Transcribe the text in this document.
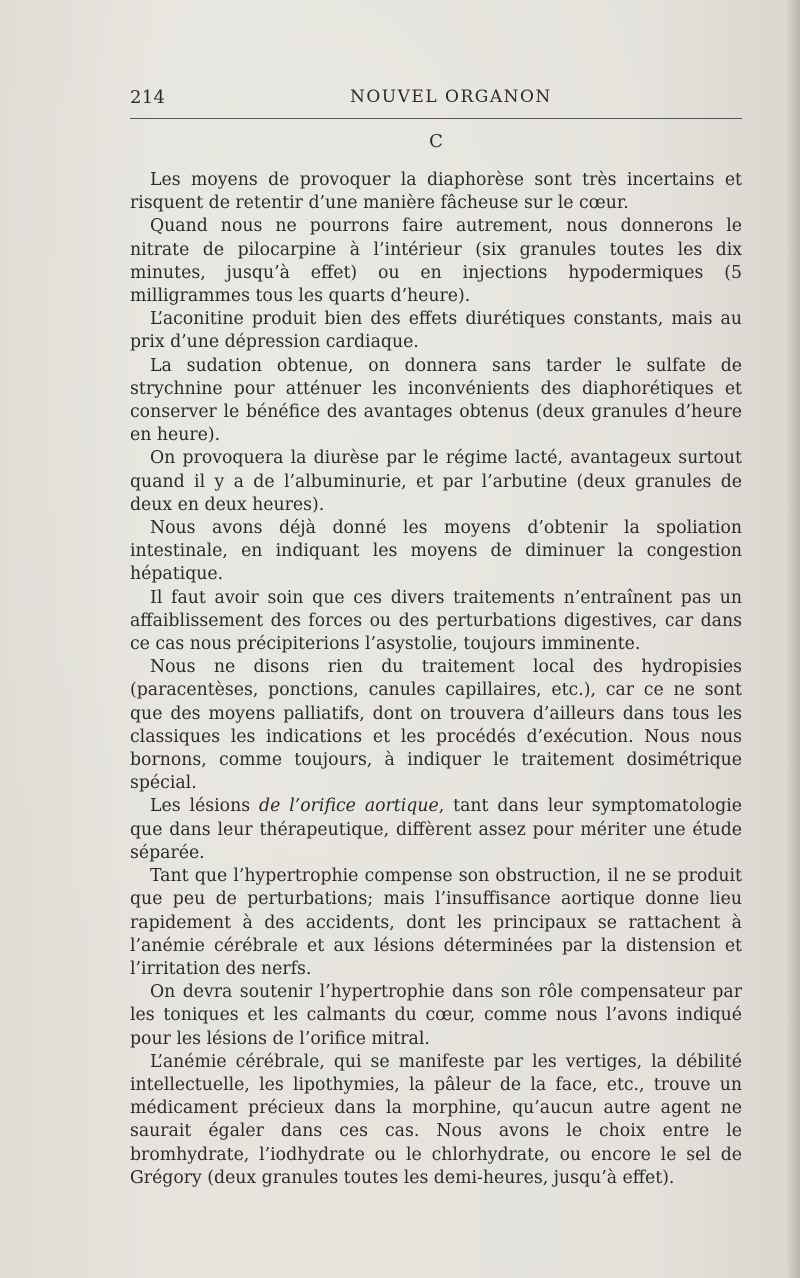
214	NOUVEL ORGANON
C

Les moyens de provoquer la diaphorèse sont très incertains et risquent de retentir d’une manière fâcheuse sur le cœur.

Quand nous ne pourrons faire autrement, nous donnerons le nitrate de pilocarpine à l’intérieur (six granules toutes les dix minutes, jusqu’à effet) ou en injections hypodermiques (5 milligrammes tous les quarts d’heure).

L’aconitine produit bien des effets diurétiques constants, mais au prix d’une dépression cardiaque.

La sudation obtenue, on donnera sans tarder le sulfate de strychnine pour atténuer les inconvénients des diaphorétiques et conserver le bénéfice des avantages obtenus (deux granules d’heure en heure).

On provoquera la diurèse par le régime lacté, avantageux surtout quand il y a de l’albuminurie, et par l’arbutine (deux granules de deux en deux heures).

Nous avons déjà donné les moyens d’obtenir la spoliation intestinale, en indiquant les moyens de diminuer la congestion hépatique.

Il faut avoir soin que ces divers traitements n’entraînent pas un affaiblissement des forces ou des perturbations digestives, car dans ce cas nous précipiterions l’asystolie, toujours imminente.

Nous ne disons rien du traitement local des hydropisies (paracentèses, ponctions, canules capillaires, etc.), car ce ne sont que des moyens palliatifs, dont on trouvera d’ailleurs dans tous les classiques les indications et les procédés d’exécution. Nous nous bornons, comme toujours, à indiquer le traitement dosimétrique spécial.

Les lésions de l’orifice aortique, tant dans leur symptomatologie que dans leur thérapeutique, diffèrent assez pour mériter une étude séparée.

Tant que l’hypertrophie compense son obstruction, il ne se produit que peu de perturbations; mais l’insuffisance aortique donne lieu rapidement à des accidents, dont les principaux se rattachent à l’anémie cérébrale et aux lésions déterminées par la distension et l’irritation des nerfs.

On devra soutenir l’hypertrophie dans son rôle compensateur par les toniques et les calmants du cœur, comme nous l’avons indiqué pour les lésions de l’orifice mitral.

L’anémie cérébrale, qui se manifeste par les vertiges, la débilité intellectuelle, les lipothymies, la pâleur de la face, etc., trouve un médicament précieux dans la morphine, qu’aucun autre agent ne saurait égaler dans ces cas. Nous avons le choix entre le bromhydrate, l’iodhydrate ou le chlorhydrate, ou encore le sel de Grégory (deux granules toutes les demi-heures, jusqu’à effet).
